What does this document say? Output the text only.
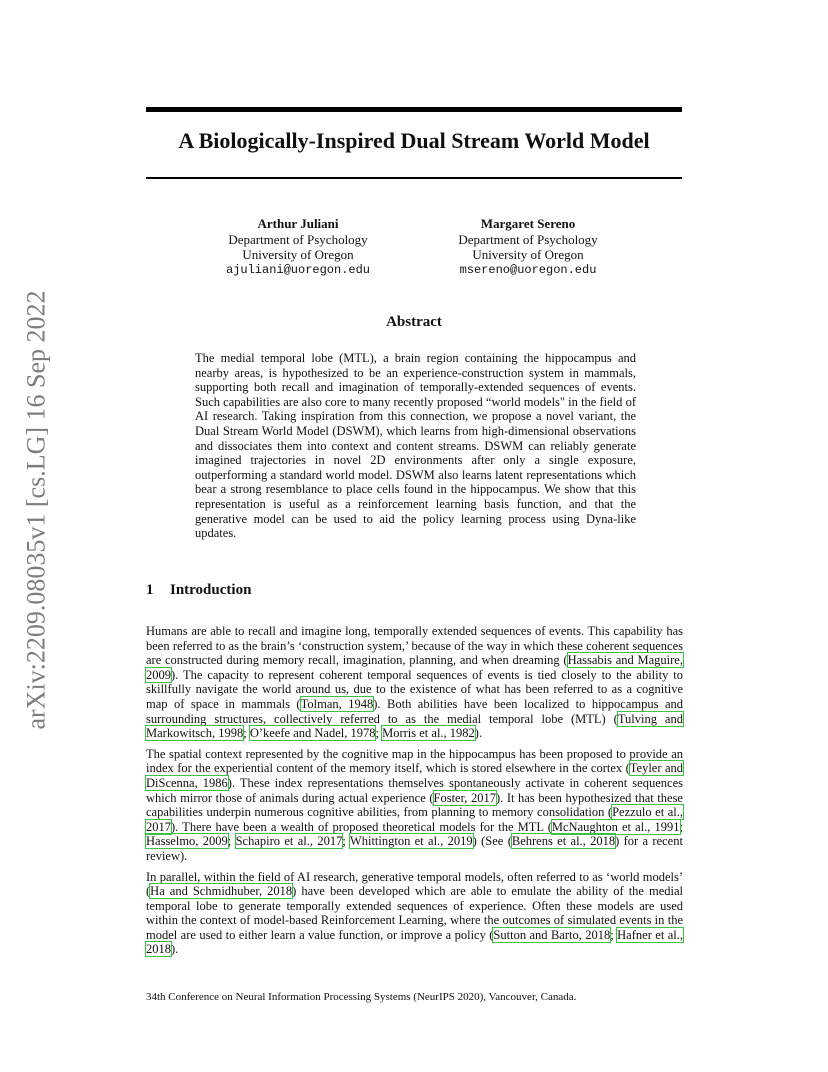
arXiv:2209.08035v1 [cs.LG] 16 Sep 2022
A Biologically-Inspired Dual Stream World Model
Arthur Juliani
Department of Psychology
University of Oregon
ajuliani@uoregon.edu
Margaret Sereno
Department of Psychology
University of Oregon
msereno@uoregon.edu
Abstract

The medial temporal lobe (MTL), a brain region containing the hippocampus and nearby areas, is hypothesized to be an experience-construction system in mammals, supporting both recall and imagination of temporally-extended sequences of events. Such capabilities are also core to many recently proposed “world models" in the field of AI research. Taking inspiration from this connection, we propose a novel variant, the Dual Stream World Model (DSWM), which learns from high-dimensional observations and dissociates them into context and content streams. DSWM can reliably generate imagined trajectories in novel 2D environments after only a single exposure, outperforming a standard world model. DSWM also learns latent representations which bear a strong resemblance to place cells found in the hippocampus. We show that this representation is useful as a reinforcement learning basis function, and that the generative model can be used to aid the policy learning process using Dyna-like updates.

1 Introduction

Humans are able to recall and imagine long, temporally extended sequences of events. This capability has been referred to as the brain’s ‘construction system,’ because of the way in which these coherent sequences are constructed during memory recall, imagination, planning, and when dreaming (Hassabis and Maguire, 2009). The capacity to represent coherent temporal sequences of events is tied closely to the ability to skillfully navigate the world around us, due to the existence of what has been referred to as a cognitive map of space in mammals (Tolman, 1948). Both abilities have been localized to hippocampus and surrounding structures, collectively referred to as the medial temporal lobe (MTL) (Tulving and Markowitsch, 1998; O’keefe and Nadel, 1978; Morris et al., 1982).

The spatial context represented by the cognitive map in the hippocampus has been proposed to provide an index for the experiential content of the memory itself, which is stored elsewhere in the cortex (Teyler and DiScenna, 1986). These index representations themselves spontaneously activate in coherent sequences which mirror those of animals during actual experience (Foster, 2017). It has been hypothesized that these capabilities underpin numerous cognitive abilities, from planning to memory consolidation (Pezzulo et al., 2017). There have been a wealth of proposed theoretical models for the MTL (McNaughton et al., 1991; Hasselmo, 2009; Schapiro et al., 2017; Whittington et al., 2019) (See (Behrens et al., 2018) for a recent review).

In parallel, within the field of AI research, generative temporal models, often referred to as ‘world models’ (Ha and Schmidhuber, 2018) have been developed which are able to emulate the ability of the medial temporal lobe to generate temporally extended sequences of experience. Often these models are used within the context of model-based Reinforcement Learning, where the outcomes of simulated events in the model are used to either learn a value function, or improve a policy (Sutton and Barto, 2018; Hafner et al., 2018).

34th Conference on Neural Information Processing Systems (NeurIPS 2020), Vancouver, Canada.
